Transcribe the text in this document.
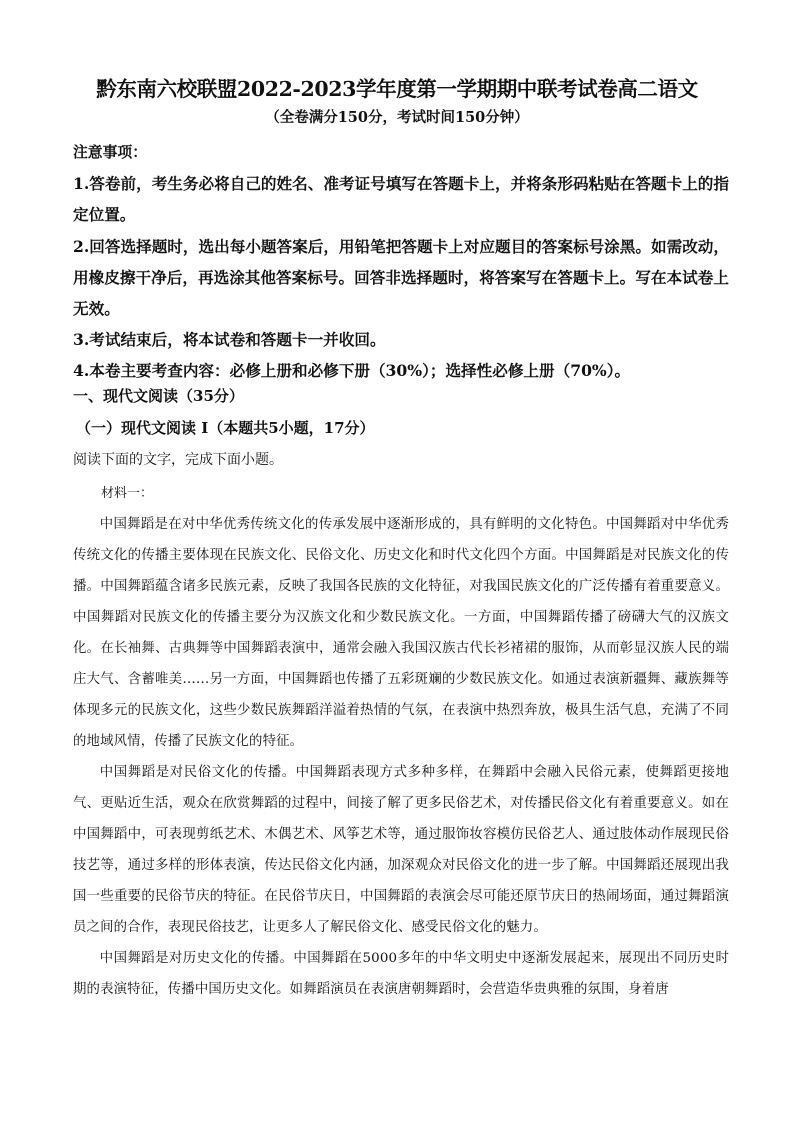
黔东南六校联盟2022-2023学年度第一学期期中联考试卷高二语文
（全卷满分150分，考试时间150分钟）

注意事项：

1.答卷前，考生务必将自己的姓名、准考证号填写在答题卡上，并将条形码粘贴在答题卡上的指定位置。

2.回答选择题时，选出每小题答案后，用铅笔把答题卡上对应题目的答案标号涂黑。如需改动，用橡皮擦干净后，再选涂其他答案标号。回答非选择题时，将答案写在答题卡上。写在本试卷上无效。

3.考试结束后，将本试卷和答题卡一并收回。

4.本卷主要考查内容：必修上册和必修下册（30%）；选择性必修上册（70%）。

一、现代文阅读（35分）
（一）现代文阅读 I（本题共5小题，17分）
阅读下面的文字，完成下面小题。
材料一：

中国舞蹈是在对中华优秀传统文化的传承发展中逐渐形成的，具有鲜明的文化特色。中国舞蹈对中华优秀传统文化的传播主要体现在民族文化、民俗文化、历史文化和时代文化四个方面。中国舞蹈是对民族文化的传播。中国舞蹈蕴含诸多民族元素，反映了我国各民族的文化特征，对我国民族文化的广泛传播有着重要意义。中国舞蹈对民族文化的传播主要分为汉族文化和少数民族文化。一方面，中国舞蹈传播了磅礴大气的汉族文化。在长袖舞、古典舞等中国舞蹈表演中，通常会融入我国汉族古代长衫褚裙的服饰，从而彰显汉族人民的端庄大气、含蓄唯美……另一方面，中国舞蹈也传播了五彩斑斓的少数民族文化。如通过表演新疆舞、藏族舞等体现多元的民族文化，这些少数民族舞蹈洋溢着热情的气氛，在表演中热烈奔放，极具生活气息，充满了不同的地域风情，传播了民族文化的特征。

中国舞蹈是对民俗文化的传播。中国舞蹈表现方式多种多样，在舞蹈中会融入民俗元素，使舞蹈更接地气、更贴近生活，观众在欣赏舞蹈的过程中，间接了解了更多民俗艺术，对传播民俗文化有着重要意义。如在中国舞蹈中，可表现剪纸艺术、木偶艺术、风筝艺术等，通过服饰妆容模仿民俗艺人、通过肢体动作展现民俗技艺等，通过多样的形体表演，传达民俗文化内涵，加深观众对民俗文化的进一步了解。中国舞蹈还展现出我国一些重要的民俗节庆的特征。在民俗节庆日，中国舞蹈的表演会尽可能还原节庆日的热闹场面，通过舞蹈演员之间的合作，表现民俗技艺，让更多人了解民俗文化、感受民俗文化的魅力。

中国舞蹈是对历史文化的传播。中国舞蹈在5000多年的中华文明史中逐渐发展起来，展现出不同历史时期的表演特征，传播中国历史文化。如舞蹈演员在表演唐朝舞蹈时，会营造华贵典雅的氛围，身着唐
